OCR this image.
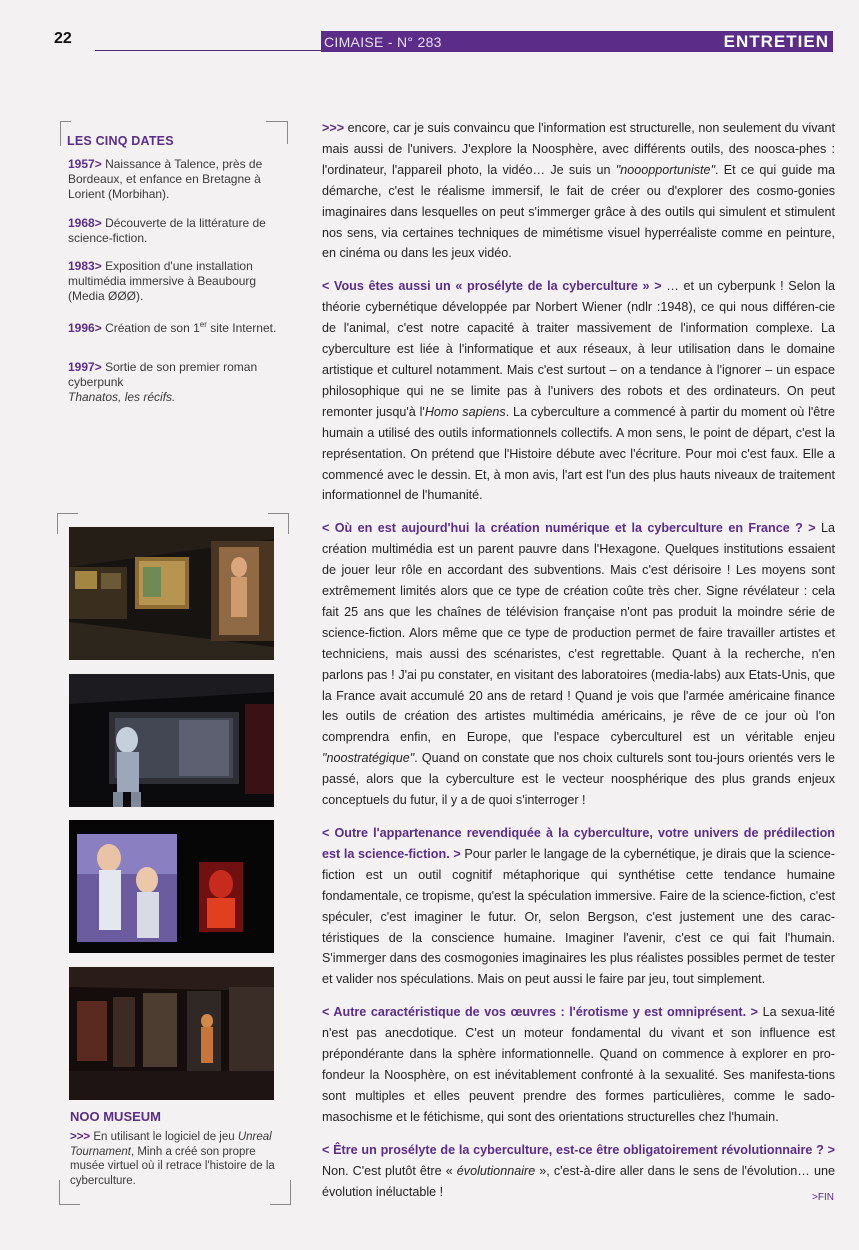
22	CIMAISE - N° 283	ENTRETIEN
LES CINQ DATES
1957 > Naissance à Talence, près de Bordeaux, et enfance en Bretagne à Lorient (Morbihan).
1968 > Découverte de la littérature de science-fiction.
1983 > Exposition d'une installation multimédia immersive à Beaubourg (Media ØØØ).
1996 > Création de son 1er site Internet.
1997 > Sortie de son premier roman cyberpunk
Thanatos, les récifs.
NOO MUSEUM
>>> En utilisant le logiciel de jeu Unreal Tournament, Minh a créé son propre musée virtuel où il retrace l'histoire de la cyberculture.

>>> encore, car je suis convaincu que l'information est structurelle, non seulement du vivant mais aussi de l'univers. J'explore la Noosphère, avec différents outils, des noosca-phes : l'ordinateur, l'appareil photo, la vidéo… Je suis un "nooopportuniste". Et ce qui guide ma démarche, c'est le réalisme immersif, le fait de créer ou d'explorer des cosmo-gonies imaginaires dans lesquelles on peut s'immerger grâce à des outils qui simulent et stimulent nos sens, via certaines techniques de mimétisme visuel hyperréaliste comme en peinture, en cinéma ou dans les jeux vidéo.

< Vous êtes aussi un « prosélyte de la cyberculture » > … et un cyberpunk ! Selon la théorie cybernétique développée par Norbert Wiener (ndlr :1948), ce qui nous différen-cie de l'animal, c'est notre capacité à traiter massivement de l'information complexe. La cyberculture est liée à l'informatique et aux réseaux, à leur utilisation dans le domaine artistique et culturel notamment. Mais c'est surtout – on a tendance à l'ignorer – un espace philosophique qui ne se limite pas à l'univers des robots et des ordinateurs. On peut remonter jusqu'à l'Homo sapiens. La cyberculture a commencé à partir du moment où l'être humain a utilisé des outils informationnels collectifs. A mon sens, le point de départ, c'est la représentation. On prétend que l'Histoire débute avec l'écriture. Pour moi c'est faux. Elle a commencé avec le dessin. Et, à mon avis, l'art est l'un des plus hauts niveaux de traitement informationnel de l'humanité.

< Où en est aujourd'hui la création numérique et la cyberculture en France ? > La création multimédia est un parent pauvre dans l'Hexagone. Quelques institutions essaient de jouer leur rôle en accordant des subventions. Mais c'est dérisoire ! Les moyens sont extrêmement limités alors que ce type de création coûte très cher. Signe révélateur : cela fait 25 ans que les chaînes de télévision française n'ont pas produit la moindre série de science-fiction. Alors même que ce type de production permet de faire travailler artistes et techniciens, mais aussi des scénaristes, c'est regrettable. Quant à la recherche, n'en parlons pas ! J'ai pu constater, en visitant des laboratoires (media-labs) aux Etats-Unis, que la France avait accumulé 20 ans de retard ! Quand je vois que l'armée américaine finance les outils de création des artistes multimédia américains, je rêve de ce jour où l'on comprendra enfin, en Europe, que l'espace cyberculturel est un véritable enjeu "noostratégique". Quand on constate que nos choix culturels sont tou-jours orientés vers le passé, alors que la cyberculture est le vecteur noosphérique des plus grands enjeux conceptuels du futur, il y a de quoi s'interroger !

< Outre l'appartenance revendiquée à la cyberculture, votre univers de prédilection est la science-fiction. > Pour parler le langage de la cybernétique, je dirais que la science-fiction est un outil cognitif métaphorique qui synthétise cette tendance humaine fondamentale, ce tropisme, qu'est la spéculation immersive. Faire de la science-fiction, c'est spéculer, c'est imaginer le futur. Or, selon Bergson, c'est justement une des carac-téristiques de la conscience humaine. Imaginer l'avenir, c'est ce qui fait l'humain. S'immerger dans des cosmogonies imaginaires les plus réalistes possibles permet de tester et valider nos spéculations. Mais on peut aussi le faire par jeu, tout simplement.

< Autre caractéristique de vos œuvres : l'érotisme y est omniprésent. > La sexua-lité n'est pas anecdotique. C'est un moteur fondamental du vivant et son influence est prépondérante dans la sphère informationnelle. Quand on commence à explorer en pro-fondeur la Noosphère, on est inévitablement confronté à la sexualité. Ses manifesta-tions sont multiples et elles peuvent prendre des formes particulières, comme le sado-masochisme et le fétichisme, qui sont des orientations structurelles chez l'humain.

< Être un prosélyte de la cyberculture, est-ce être obligatoirement révolutionnaire ? > Non. C'est plutôt être « évolutionnaire », c'est-à-dire aller dans le sens de l'évolution… une évolution inéluctable !	>FIN
